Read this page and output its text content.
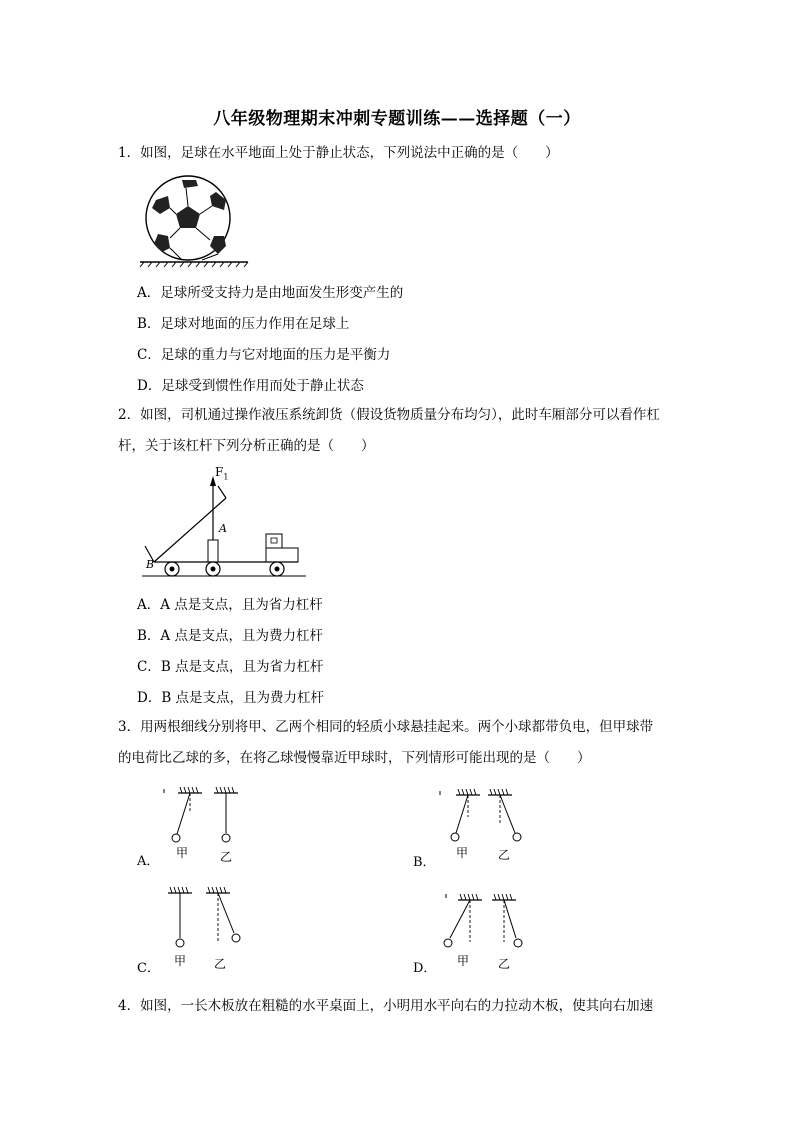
八年级物理期末冲刺专题训练——选择题（一）
1．如图，足球在水平地面上处于静止状态，下列说法中正确的是（　　）
A．足球所受支持力是由地面发生形变产生的
B．足球对地面的压力作用在足球上
C．足球的重力与它对地面的压力是平衡力
D．足球受到惯性作用而处于静止状态
2．如图，司机通过操作液压系统卸货（假设货物质量分布均匀），此时车厢部分可以看作杠
杆，关于该杠杆下列分析正确的是（　　）
$F_1$
A
B
A．A 点是支点，且为省力杠杆
B．A 点是支点，且为费力杠杆
C．B 点是支点，且为省力杠杆
D．B 点是支点，且为费力杠杆
3．用两根细线分别将甲、乙两个相同的轻质小球悬挂起来。两个小球都带负电，但甲球带
的电荷比乙球的多，在将乙球慢慢靠近甲球时，下列情形可能出现的是（　　）
A．
甲	乙	B．
甲 乙
C． 甲 乙	D． 甲 乙
4．如图，一长木板放在粗糙的水平桌面上，小明用水平向右的力拉动木板，使其向右加速
